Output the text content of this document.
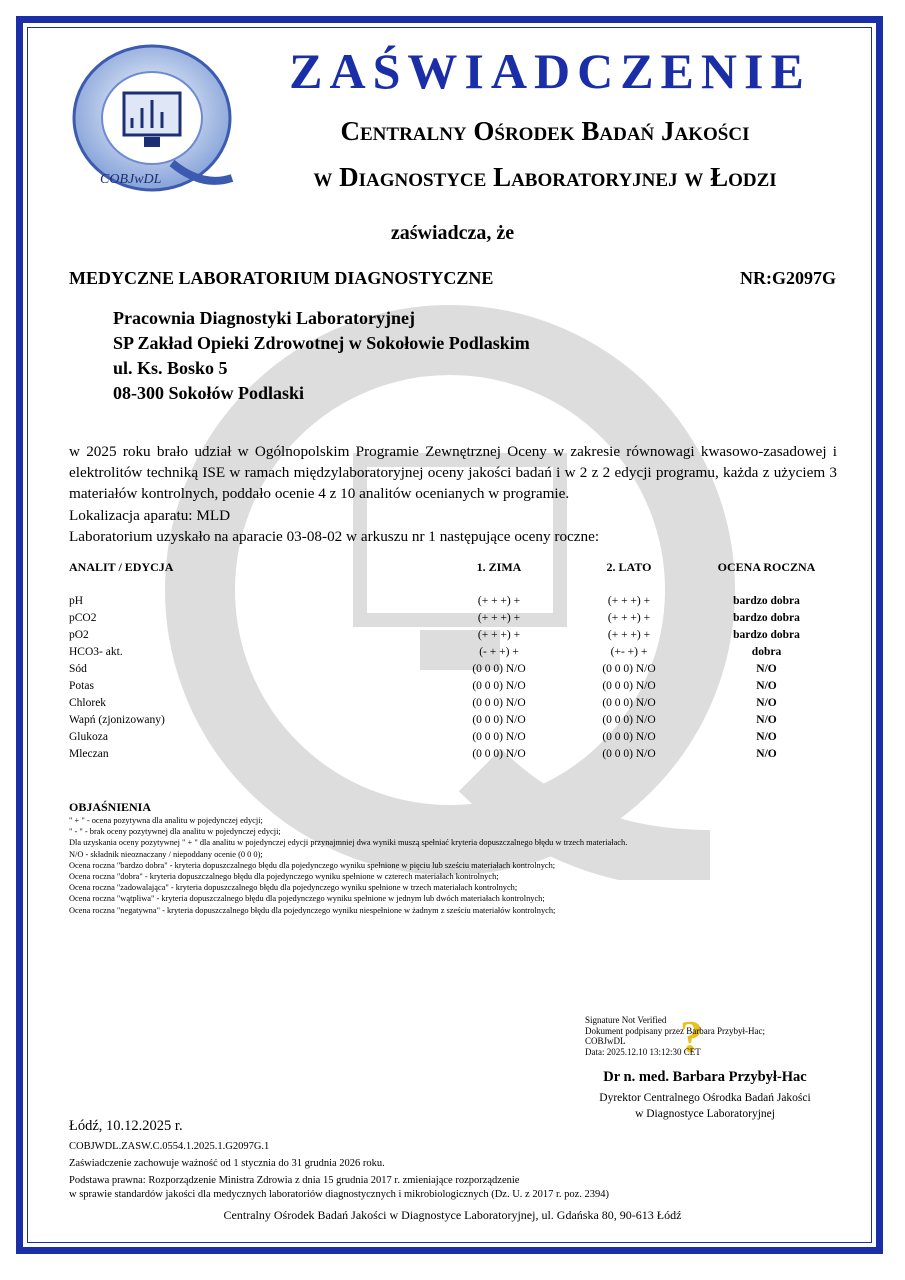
COBJwDL
ZAŚWIADCZENIE
Centralny Ośrodek Badań Jakości
w Diagnostyce Laboratoryjnej w Łodzi
zaświadcza, że
MEDYCZNE LABORATORIUM DIAGNOSTYCZNE	NR:G2097G
Pracownia Diagnostyki Laboratoryjnej
SP Zakład Opieki Zdrowotnej w Sokołowie Podlaskim
ul. Ks. Bosko 5
08-300 Sokołów Podlaski
w 2025 roku brało udział w Ogólnopolskim Programie Zewnętrznej Oceny w zakresie równowagi kwasowo-zasadowej i elektrolitów techniką ISE w ramach międzylaboratoryjnej oceny jakości badań i w 2 z 2 edycji programu, każda z użyciem 3 materiałów kontrolnych, poddało ocenie 4 z 10 analitów ocenianych w programie.
Lokalizacja aparatu: MLD
Laboratorium uzyskało na aparacie 03-08-02 w arkuszu nr 1 następujące oceny roczne:
ANALIT / EDYCJA	1. ZIMA	2. LATO	OCENA ROCZNA

pH	(+ + +) +	(+ + +) +	bardzo dobra
pCO2	(+ + +) +	(+ + +) +	bardzo dobra
pO2	(+ + +) +	(+ + +) +	bardzo dobra
HCO3- akt.	(- + +) +	(+- +) +	dobra
Sód	(0 0 0) N/O	(0 0 0) N/O	N/O
Potas	(0 0 0) N/O	(0 0 0) N/O	N/O
Chlorek	(0 0 0) N/O	(0 0 0) N/O	N/O
Wapń (zjonizowany)	(0 0 0) N/O	(0 0 0) N/O	N/O
Glukoza	(0 0 0) N/O	(0 0 0) N/O	N/O
Mleczan	(0 0 0) N/O	(0 0 0) N/O	N/O
OBJAŚNIENIA
" + " - ocena pozytywna dla analitu w pojedynczej edycji;
" - " - brak oceny pozytywnej dla analitu w pojedynczej edycji;
Dla uzyskania oceny pozytywnej " + " dla analitu w pojedynczej edycji przynajmniej dwa wyniki muszą spełniać kryteria dopuszczalnego błędu w trzech materiałach.
N/O - składnik nieoznaczany / niepoddany ocenie (0 0 0);
Ocena roczna "bardzo dobra" - kryteria dopuszczalnego błędu dla pojedynczego wyniku spełnione w pięciu lub sześciu materiałach kontrolnych;
Ocena roczna "dobra" - kryteria dopuszczalnego błędu dla pojedynczego wyniku spełnione w czterech materiałach kontrolnych;
Ocena roczna "zadowalająca" - kryteria dopuszczalnego błędu dla pojedynczego wyniku spełnione w trzech materiałach kontrolnych;
Ocena roczna "wątpliwa" - kryteria dopuszczalnego błędu dla pojedynczego wyniku spełnione w jednym lub dwóch materiałach kontrolnych;
Ocena roczna "negatywna" - kryteria dopuszczalnego błędu dla pojedynczego wyniku niespełnione w żadnym z sześciu materiałów kontrolnych;
?
Signature Not Verified
Dokument podpisany przez Barbara Przybył-Hac;
COBJwDL
Data: 2025.12.10 13:12:30 CET
Dr n. med. Barbara Przybył-Hac
Dyrektor Centralnego Ośrodka Badań Jakości
w Diagnostyce Laboratoryjnej
Łódź, 10.12.2025 r.
COBJWDL.ZASW.C.0554.1.2025.1.G2097G.1
Zaświadczenie zachowuje ważność od 1 stycznia do 31 grudnia 2026 roku.
Podstawa prawna: Rozporządzenie Ministra Zdrowia z dnia 15 grudnia 2017 r. zmieniające rozporządzenie
w sprawie standardów jakości dla medycznych laboratoriów diagnostycznych i mikrobiologicznych (Dz. U. z 2017 r. poz. 2394)
Centralny Ośrodek Badań Jakości w Diagnostyce Laboratoryjnej, ul. Gdańska 80, 90-613 Łódź
